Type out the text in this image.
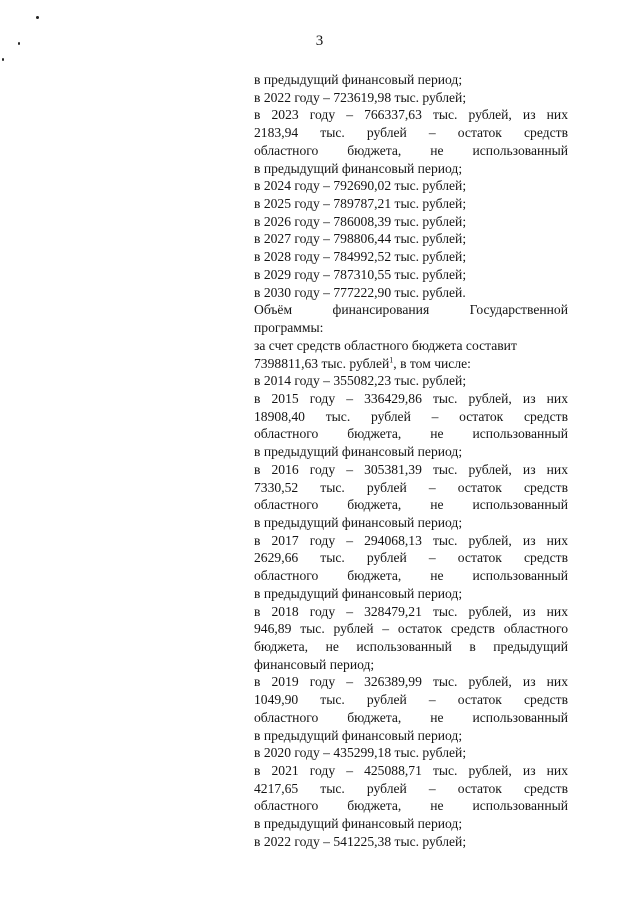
3
в предыдущий финансовый период;
в 2022 году – 723619,98 тыс. рублей;
в 2023 году – 766337,63 тыс. рублей, из них
2183,94 тыс. рублей – остаток средств
областного бюджета, не использованный
в предыдущий финансовый период;
в 2024 году – 792690,02 тыс. рублей;
в 2025 году – 789787,21 тыс. рублей;
в 2026 году – 786008,39 тыс. рублей;
в 2027 году – 798806,44 тыс. рублей;
в 2028 году – 784992,52 тыс. рублей;
в 2029 году – 787310,55 тыс. рублей;
в 2030 году – 777222,90 тыс. рублей.
Объём финансирования Государственной
программы:
за счет средств областного бюджета составит
7398811,63 тыс. рублей$^1$, в том числе:
в 2014 году – 355082,23 тыс. рублей;
в 2015 году – 336429,86 тыс. рублей, из них
18908,40 тыс. рублей – остаток средств
областного бюджета, не использованный
в предыдущий финансовый период;
в 2016 году – 305381,39 тыс. рублей, из них
7330,52 тыс. рублей – остаток средств
областного бюджета, не использованный
в предыдущий финансовый период;
в 2017 году – 294068,13 тыс. рублей, из них
2629,66 тыс. рублей – остаток средств
областного бюджета, не использованный
в предыдущий финансовый период;
в 2018 году – 328479,21 тыс. рублей, из них
946,89 тыс. рублей – остаток средств областного
бюджета, не использованный в предыдущий
финансовый период;
в 2019 году – 326389,99 тыс. рублей, из них
1049,90 тыс. рублей – остаток средств
областного бюджета, не использованный
в предыдущий финансовый период;
в 2020 году – 435299,18 тыс. рублей;
в 2021 году – 425088,71 тыс. рублей, из них
4217,65 тыс. рублей – остаток средств
областного бюджета, не использованный
в предыдущий финансовый период;
в 2022 году – 541225,38 тыс. рублей;
